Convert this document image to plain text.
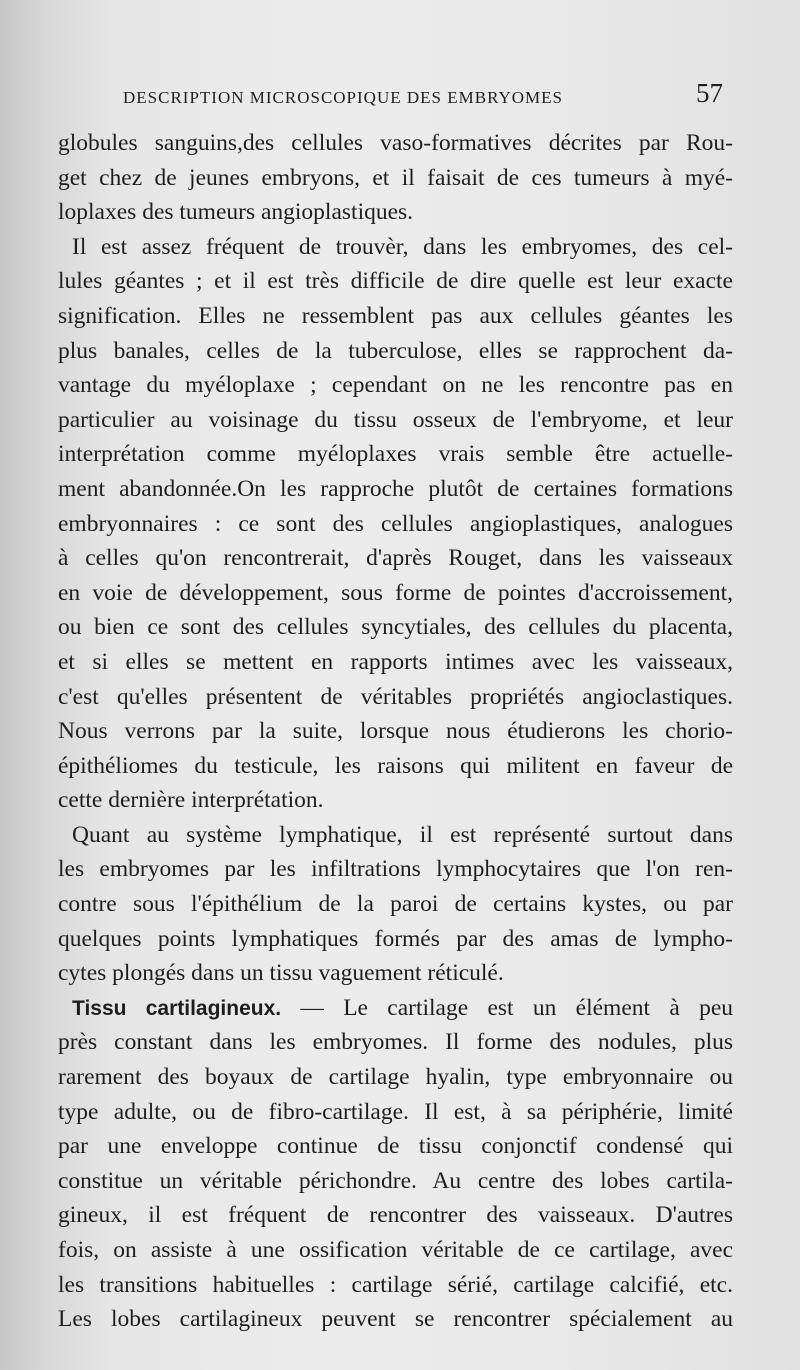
DESCRIPTION MICROSCOPIQUE DES EMBRYOMES	57
globules sanguins,des cellules vaso-formatives décrites par Rou-
get chez de jeunes embryons, et il faisait de ces tumeurs à myé-
loplaxes des tumeurs angioplastiques.
Il est assez fréquent de trouvèr, dans les embryomes, des cel-
lules géantes ; et il est très difficile de dire quelle est leur exacte
signification. Elles ne ressemblent pas aux cellules géantes les
plus banales, celles de la tuberculose, elles se rapprochent da-
vantage du myéloplaxe ; cependant on ne les rencontre pas en
particulier au voisinage du tissu osseux de l'embryome, et leur
interprétation comme myéloplaxes vrais semble être actuelle-
ment abandonnée.On les rapproche plutôt de certaines formations
embryonnaires : ce sont des cellules angioplastiques, analogues
à celles qu'on rencontrerait, d'après Rouget, dans les vaisseaux
en voie de développement, sous forme de pointes d'accroissement,
ou bien ce sont des cellules syncytiales, des cellules du placenta,
et si elles se mettent en rapports intimes avec les vaisseaux,
c'est qu'elles présentent de véritables propriétés angioclastiques.
Nous verrons par la suite, lorsque nous étudierons les chorio-
épithéliomes du testicule, les raisons qui militent en faveur de
cette dernière interprétation.
Quant au système lymphatique, il est représenté surtout dans
les embryomes par les infiltrations lymphocytaires que l'on ren-
contre sous l'épithélium de la paroi de certains kystes, ou par
quelques points lymphatiques formés par des amas de lympho-
cytes plongés dans un tissu vaguement réticulé.
Tissu cartilagineux. — Le cartilage est un élément à peu
près constant dans les embryomes. Il forme des nodules, plus
rarement des boyaux de cartilage hyalin, type embryonnaire ou
type adulte, ou de fibro-cartilage. Il est, à sa périphérie, limité
par une enveloppe continue de tissu conjonctif condensé qui
constitue un véritable périchondre. Au centre des lobes cartila-
gineux, il est fréquent de rencontrer des vaisseaux. D'autres
fois, on assiste à une ossification véritable de ce cartilage, avec
les transitions habituelles : cartilage sérié, cartilage calcifié, etc.
Les lobes cartilagineux peuvent se rencontrer spécialement au
